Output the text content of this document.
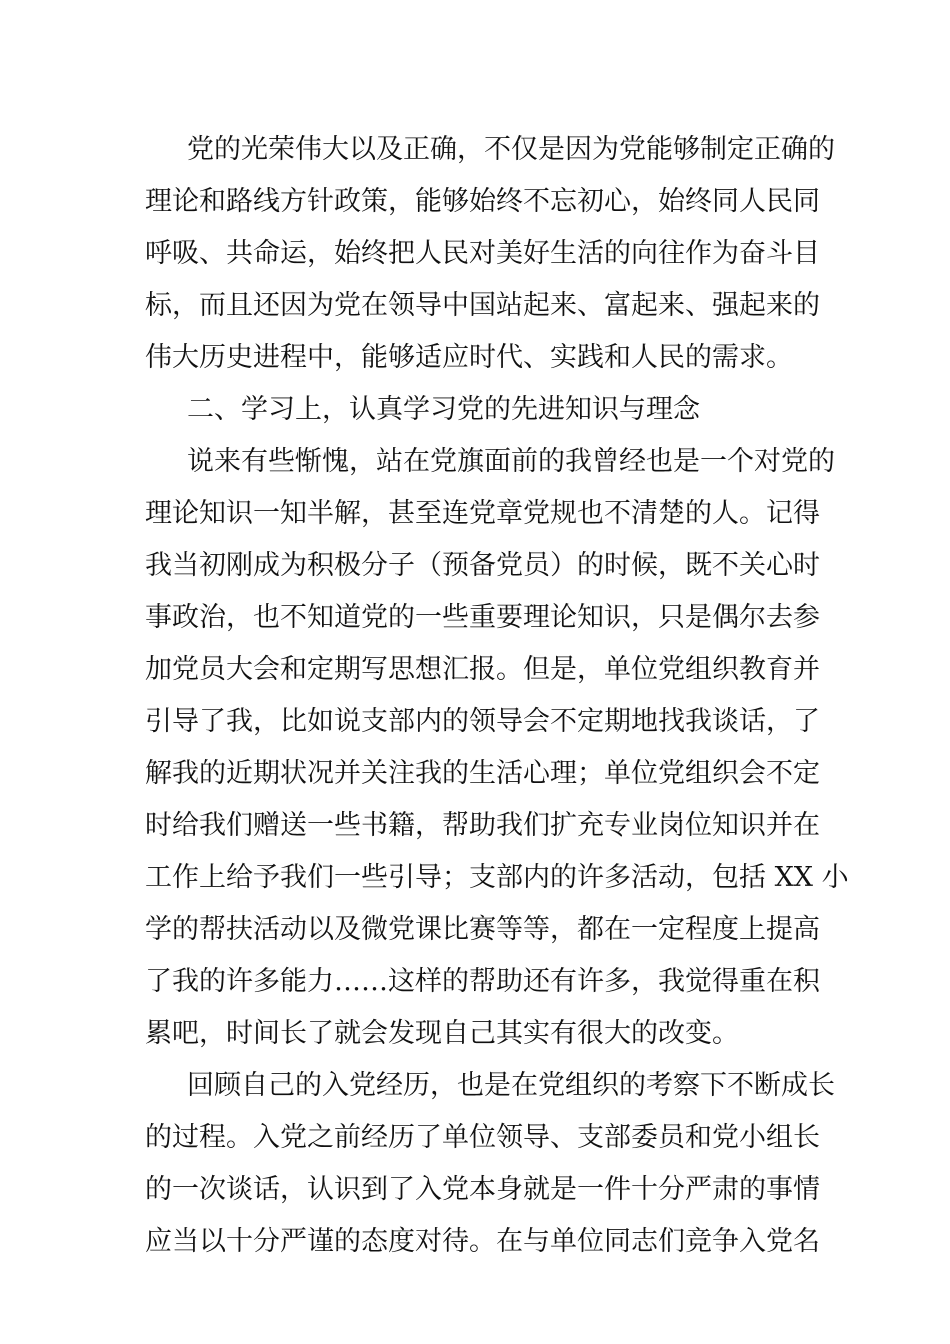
党的光荣伟大以及正确，不仅是因为党能够制定正确的
理论和路线方针政策，能够始终不忘初心，始终同人民同
呼吸、共命运，始终把人民对美好生活的向往作为奋斗目
标，而且还因为党在领导中国站起来、富起来、强起来的
伟大历史进程中，能够适应时代、实践和人民的需求。
二、学习上，认真学习党的先进知识与理念
说来有些惭愧，站在党旗面前的我曾经也是一个对党的
理论知识一知半解，甚至连党章党规也不清楚的人。记得
我当初刚成为积极分子（预备党员）的时候，既不关心时
事政治，也不知道党的一些重要理论知识，只是偶尔去参
加党员大会和定期写思想汇报。但是，单位党组织教育并
引导了我，比如说支部内的领导会不定期地找我谈话，了
解我的近期状况并关注我的生活心理；单位党组织会不定
时给我们赠送一些书籍，帮助我们扩充专业岗位知识并在
工作上给予我们一些引导；支部内的许多活动，包括 XX 小
学的帮扶活动以及微党课比赛等等，都在一定程度上提高
了我的许多能力……这样的帮助还有许多，我觉得重在积
累吧，时间长了就会发现自己其实有很大的改变。
回顾自己的入党经历，也是在党组织的考察下不断成长
的过程。入党之前经历了单位领导、支部委员和党小组长
的一次谈话，认识到了入党本身就是一件十分严肃的事情
应当以十分严谨的态度对待。在与单位同志们竞争入党名
